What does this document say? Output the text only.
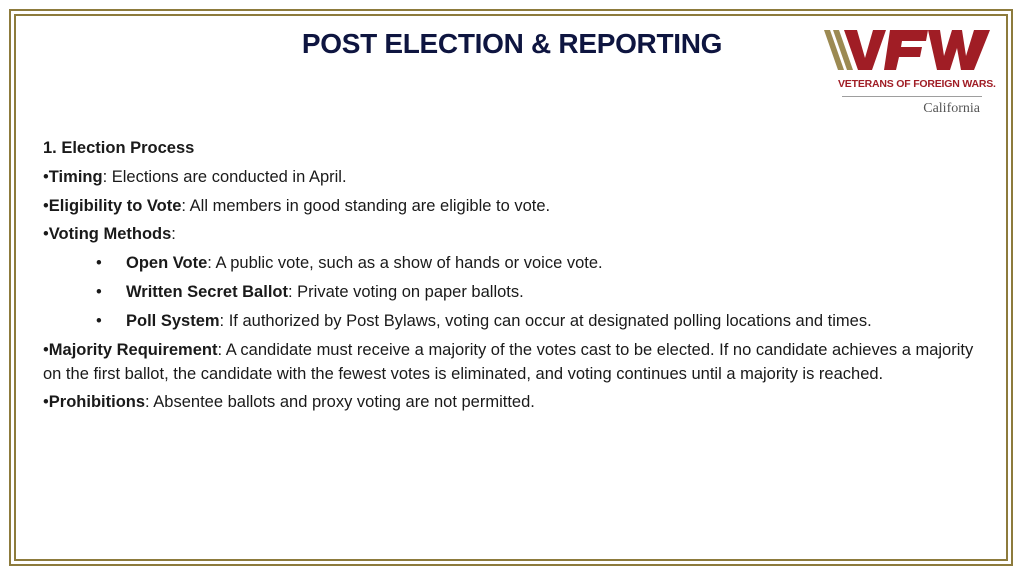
POST ELECTION & REPORTING
VETERANS OF FOREIGN WARS.
California
1. Election Process
•Timing: Elections are conducted in April.
•Eligibility to Vote: All members in good standing are eligible to vote.
•Voting Methods:
• Open Vote: A public vote, such as a show of hands or voice vote.
• Written Secret Ballot: Private voting on paper ballots.
• Poll System: If authorized by Post Bylaws, voting can occur at designated polling locations and times.
•Majority Requirement: A candidate must receive a majority of the votes cast to be elected. If no candidate achieves a majority on the first ballot, the candidate with the fewest votes is eliminated, and voting continues until a majority is reached.
•Prohibitions: Absentee ballots and proxy voting are not permitted.
